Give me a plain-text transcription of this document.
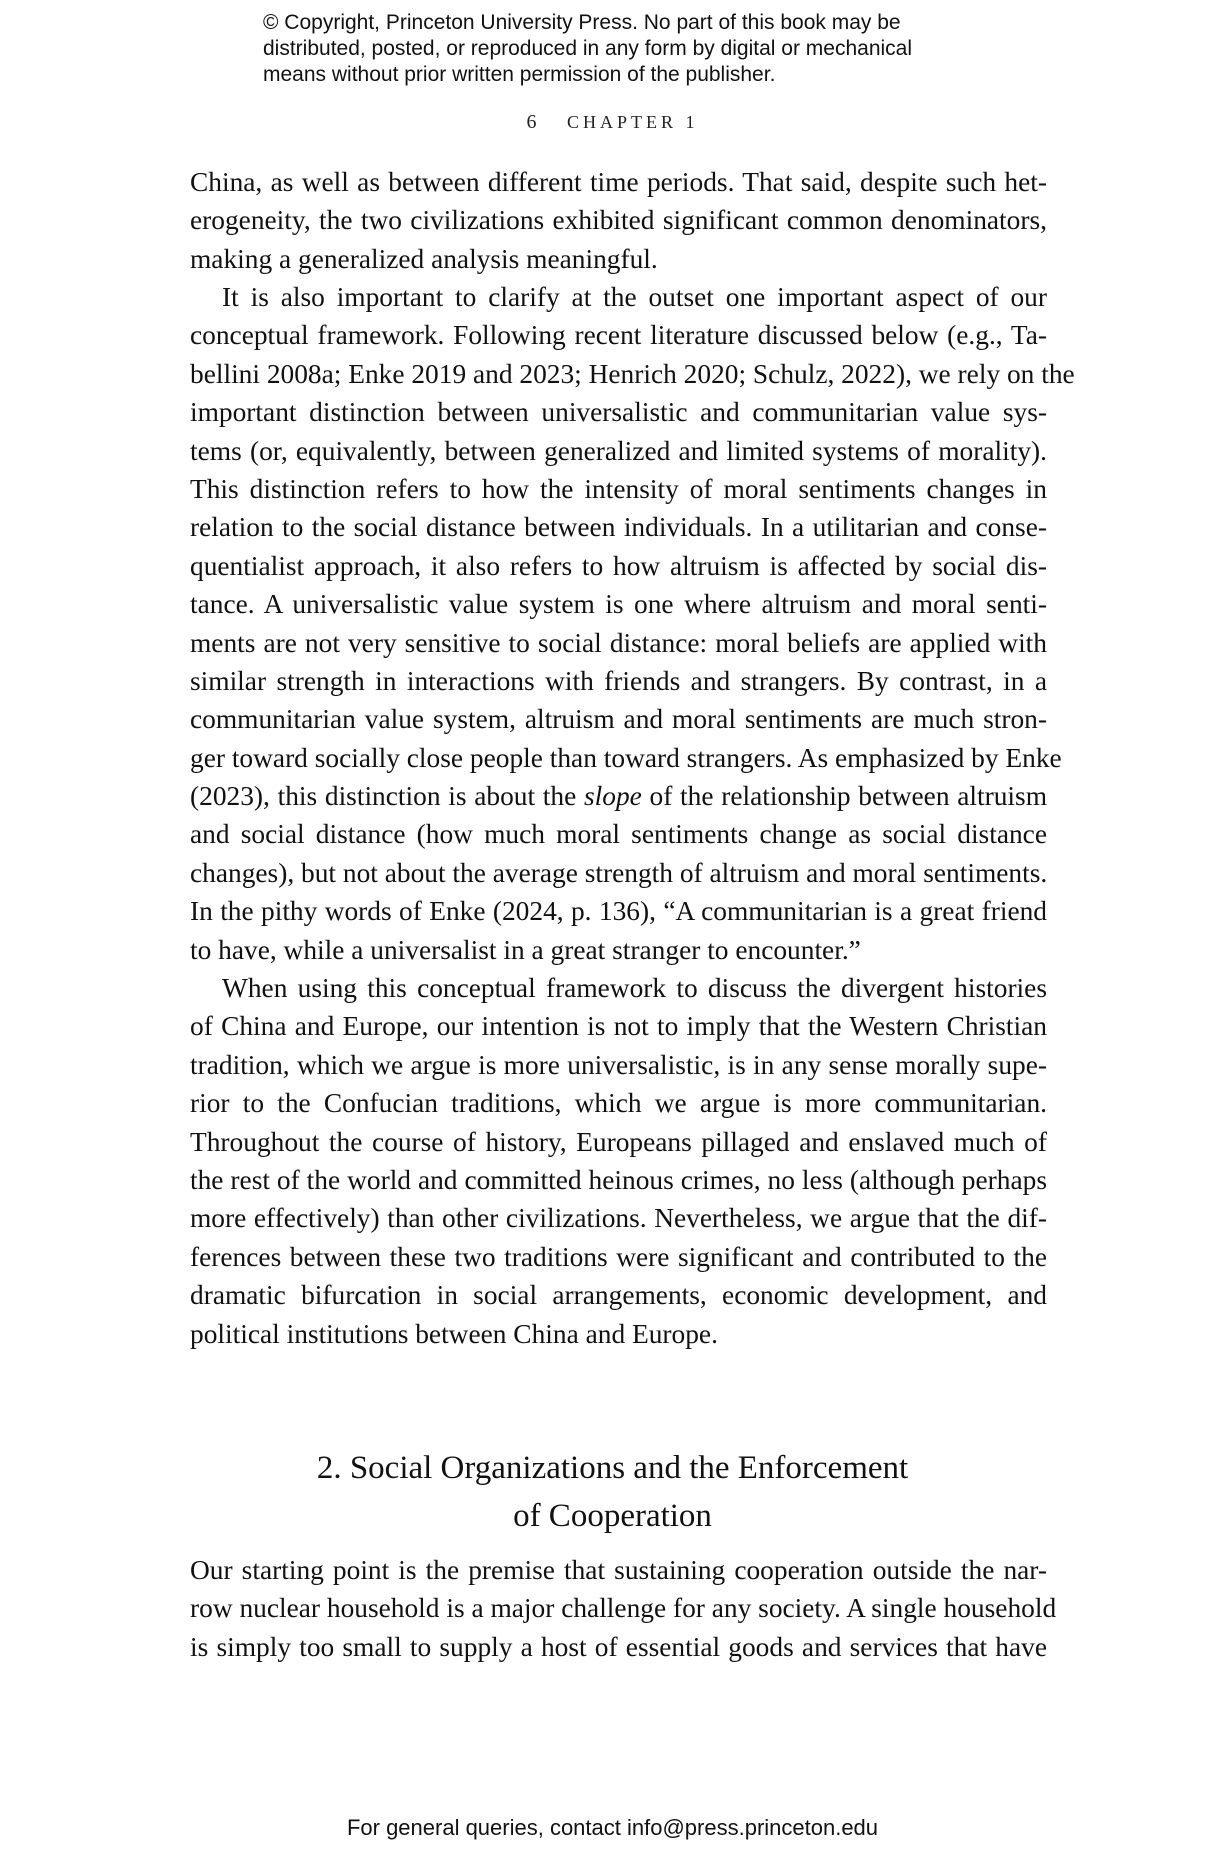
© Copyright, Princeton University Press. No part of this book may be
distributed, posted, or reproduced in any form by digital or mechanical
means without prior written permission of the publisher.
6 CHAPTER 1
China, as well as between different time periods. That said, despite such het-
erogeneity, the two civilizations exhibited significant common denominators,
making a generalized analysis meaningful.
It is also important to clarify at the outset one important aspect of our
conceptual framework. Following recent literature discussed below (e.g., Ta-
bellini 2008a; Enke 2019 and 2023; Henrich 2020; Schulz, 2022), we rely on the
important distinction between universalistic and communitarian value sys-
tems (or, equivalently, between generalized and limited systems of morality).
This distinction refers to how the intensity of moral sentiments changes in
relation to the social distance between individuals. In a utilitarian and conse-
quentialist approach, it also refers to how altruism is affected by social dis-
tance. A universalistic value system is one where altruism and moral senti-
ments are not very sensitive to social distance: moral beliefs are applied with
similar strength in interactions with friends and strangers. By contrast, in a
communitarian value system, altruism and moral sentiments are much stron-
ger toward socially close people than toward strangers. As emphasized by Enke
(2023), this distinction is about the slope of the relationship between altruism
and social distance (how much moral sentiments change as social distance
changes), but not about the average strength of altruism and moral sentiments.
In the pithy words of Enke (2024, p. 136), “A communitarian is a great friend
to have, while a universalist in a great stranger to encounter.”
When using this conceptual framework to discuss the divergent histories
of China and Europe, our intention is not to imply that the Western Christian
tradition, which we argue is more universalistic, is in any sense morally supe-
rior to the Confucian traditions, which we argue is more communitarian.
Throughout the course of history, Europeans pillaged and enslaved much of
the rest of the world and committed heinous crimes, no less (although perhaps
more effectively) than other civilizations. Nevertheless, we argue that the dif-
ferences between these two traditions were significant and contributed to the
dramatic bifurcation in social arrangements, economic development, and
political institutions between China and Europe.
2. Social Organizations and the Enforcement
of Cooperation
Our starting point is the premise that sustaining cooperation outside the nar-
row nuclear household is a major challenge for any society. A single household
is simply too small to supply a host of essential goods and services that have
For general queries, contact info@press.princeton.edu
